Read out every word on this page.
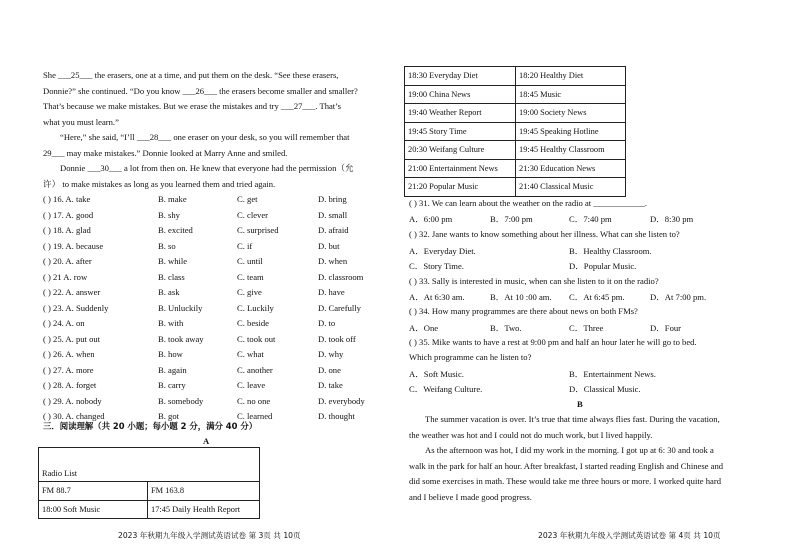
She ___25___ the erasers, one at a time, and put them on the desk. “See these erasers,
Donnie?” she continued. “Do you know ___26___ the erasers become smaller and smaller?
That’s because we make mistakes. But we erase the mistakes and try ___27___. That’s
what you must learn.”
“Here,” she said, “I’ll ___28___ one eraser on your desk, so you will remember that
29___ may make mistakes.” Donnie looked at Marry Anne and smiled.
Donnie ___30___ a lot from then on. He knew that everyone had the permission（允
许） to make mistakes as long as you learned them and tried again.
( ) 16. A. take	B. make	C. get	D. bring
( ) 17. A. good	B. shy	C. clever	D. small
( ) 18. A. glad	B. excited	C. surprised	D. afraid
( ) 19. A. because	B. so	C. if	D. but
( ) 20. A. after	B. while	C. until	D. when
( ) 21 A. row	B. class	C. team	D. classroom
( ) 22. A. answer	B. ask	C. give	D. have
( ) 23. A. Suddenly	B. Unluckily	C. Luckily	D. Carefully
( ) 24. A. on	B. with	C. beside	D. to
( ) 25. A. put out	B. took away	C. took out	D. took off
( ) 26. A. when	B. how	C. what	D. why
( ) 27. A. more	B. again	C. another	D. one
( ) 28. A. forget	B. carry	C. leave	D. take
( ) 29. A. nobody	B. somebody	C. no one	D. everybody
( ) 30. A. changed	B. got	C. learned	D. thought
三．阅读理解（共 20 小题；每小题 2 分，满分 40 分）
A
Radio List	
FM 88.7	FM 163.8
18:00 Soft Music	17:45 Daily Health Report
2023 年秋期九年级入学测试英语试卷 第 3页 共 10页
18:30 Everyday Diet	18:20 Healthy Diet
19:00 China News	18:45 Music
19:40 Weather Report	19:00 Society News
19:45 Story Time	19:45 Speaking Hotline
20:30 Weifang Culture	19:45 Healthy Classroom
21:00 Entertainment News	21:30 Education News
21:20 Popular Music	21:40 Classical Music
( ) 31. We can learn about the weather on the radio at ____________.
A．6:00 pm	B．7:00 pm	C．7:40 pm	D．8:30 pm
( ) 32. Jane wants to know something about her illness. What can she listen to?
A．Everyday Diet.	B．Healthy Classroom.
C．Story Time.	D．Popular Music.
( ) 33. Sally is interested in music, when can she listen to it on the radio?
A．At 6:30 am.	B．At 10 :00 am. C．At 6:45 pm.	D．At 7:00 pm.
( ) 34. How many programmes are there about news on both FMs?
A．One	B．Two.	C．Three	D．Four
( ) 35. Mike wants to have a rest at 9:00 pm and half an hour later he will go to bed.
Which programme can he listen to?
A．Soft Music.	B．Entertainment News.
C．Weifang Culture.	D．Classical Music.
B
The summer vacation is over. It’s true that time always flies fast. During the vacation,
the weather was hot and I could not do much work, but I lived happily.
As the afternoon was hot, I did my work in the morning. I got up at 6: 30 and took a
walk in the park for half an hour. After breakfast, I started reading English and Chinese and
did some exercises in math. These would take me three hours or more. I worked quite hard
and I believe I made good progress.
2023 年秋期九年级入学测试英语试卷 第 4页 共 10页
